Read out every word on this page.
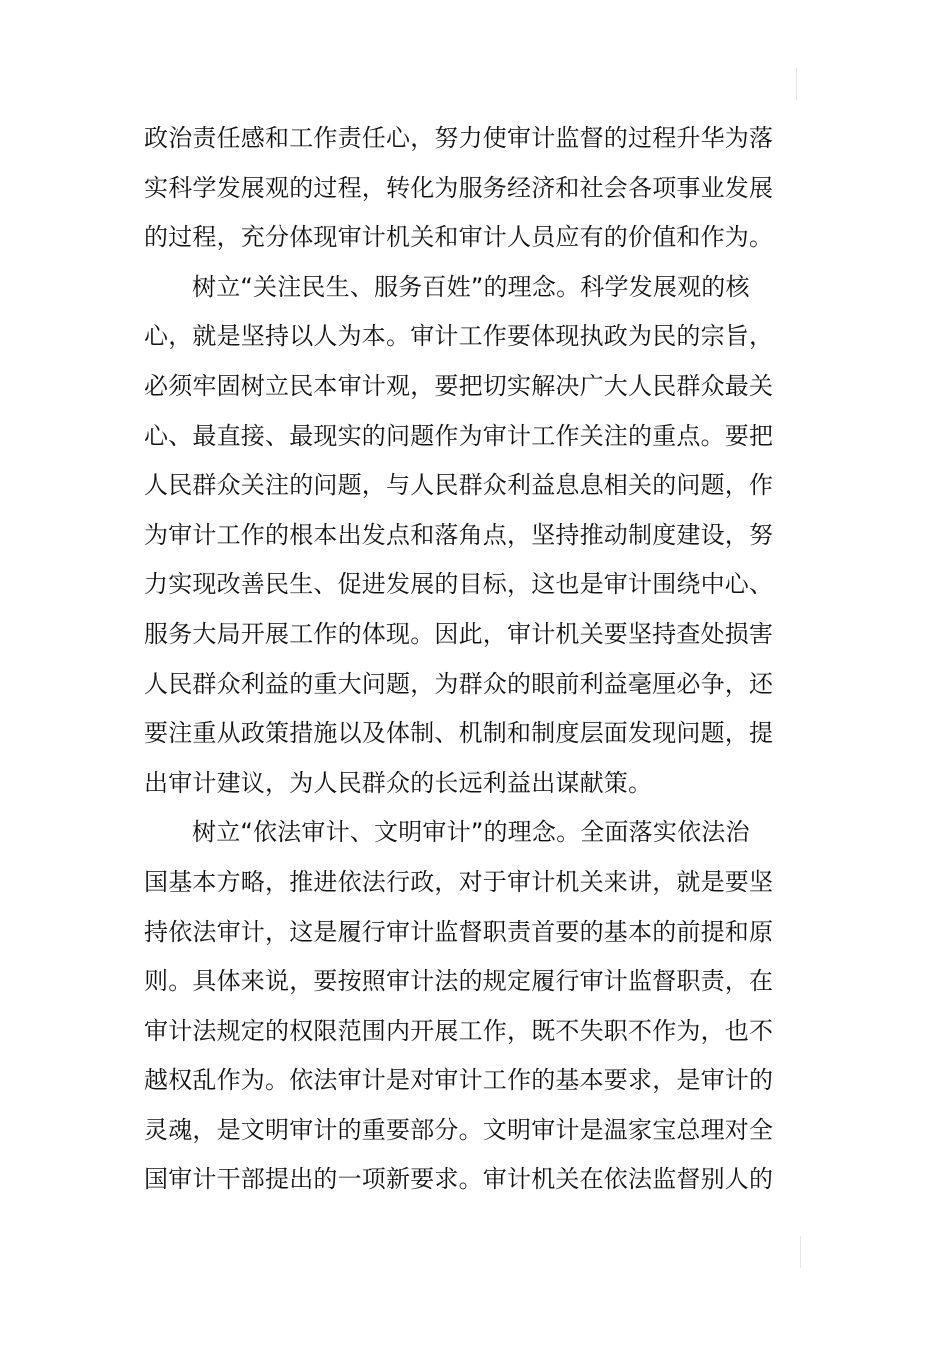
政治责任感和工作责任心，努力使审计监督的过程升华为落
实科学发展观的过程，转化为服务经济和社会各项事业发展
的过程，充分体现审计机关和审计人员应有的价值和作为。
树立“关注民生、服务百姓”的理念。科学发展观的核
心，就是坚持以人为本。审计工作要体现执政为民的宗旨，
必须牢固树立民本审计观，要把切实解决广大人民群众最关
心、最直接、最现实的问题作为审计工作关注的重点。要把
人民群众关注的问题，与人民群众利益息息相关的问题，作
为审计工作的根本出发点和落角点，坚持推动制度建设，努
力实现改善民生、促进发展的目标，这也是审计围绕中心、
服务大局开展工作的体现。因此，审计机关要坚持查处损害
人民群众利益的重大问题，为群众的眼前利益毫厘必争，还
要注重从政策措施以及体制、机制和制度层面发现问题，提
出审计建议，为人民群众的长远利益出谋献策。
树立“依法审计、文明审计”的理念。全面落实依法治
国基本方略，推进依法行政，对于审计机关来讲，就是要坚
持依法审计，这是履行审计监督职责首要的基本的前提和原
则。具体来说，要按照审计法的规定履行审计监督职责，在
审计法规定的权限范围内开展工作，既不失职不作为，也不
越权乱作为。依法审计是对审计工作的基本要求，是审计的
灵魂，是文明审计的重要部分。文明审计是温家宝总理对全
国审计干部提出的一项新要求。审计机关在依法监督别人的
